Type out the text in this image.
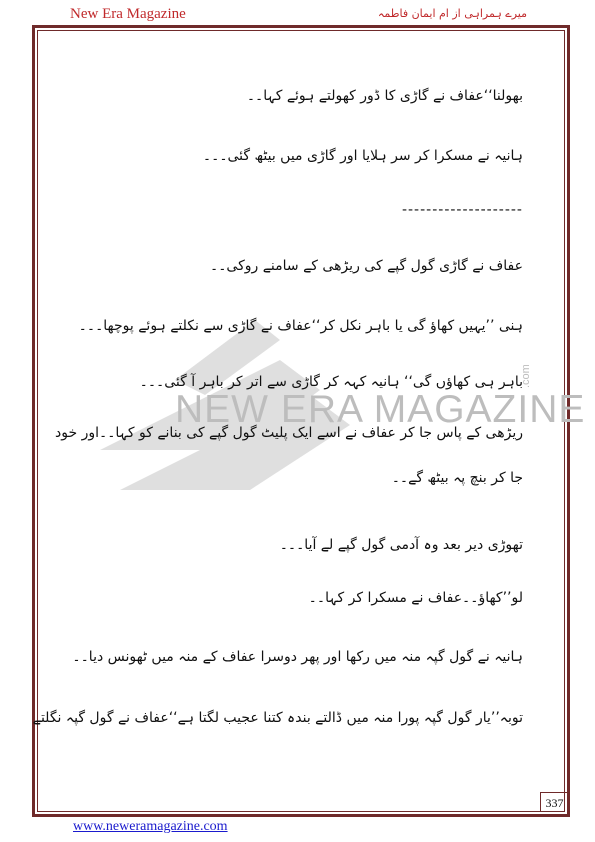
New Era Magazine	میرے ہمراہی از ام ایمان فاطمہ
NEW ERA MAGAZINE
.com
بھولنا‘‘عفاف نے گاڑی کا ڈور کھولتے ہوئے کہا۔۔
ہانیہ نے مسکرا کر سر ہلایا اور گاڑی میں بیٹھ گئی۔۔۔
--------------------
عفاف نے گاڑی گول گپے کی ریڑھی کے سامنے روکی۔۔
ہنی ’’یہیں کھاؤ گی یا باہر نکل کر‘‘عفاف نے گاڑی سے نکلتے ہوئے پوچھا۔۔۔
باہر ہی کھاؤں گی‘‘ ہانیہ کہہ کر گاڑی سے اتر کر باہر آ گئی۔۔۔
ریڑھی کے پاس جا کر عفاف نے اسے ایک پلیٹ گول گپے کی بنانے کو کہا۔۔اور خود
جا کر بنچ پہ بیٹھ گے۔۔
تھوڑی دیر بعد وہ آدمی گول گپے لے آیا۔۔۔
لو’’کھاؤ۔۔عفاف نے مسکرا کر کہا۔۔
ہانیہ نے گول گپہ منہ میں رکھا اور پھر دوسرا عفاف کے منہ میں ٹھونس دیا۔۔
توبہ’’یار گول گپہ پورا منہ میں ڈالتے بندہ کتنا عجیب لگتا ہے‘‘عفاف نے گول گپہ نگلتے
337
www.neweramagazine.com
